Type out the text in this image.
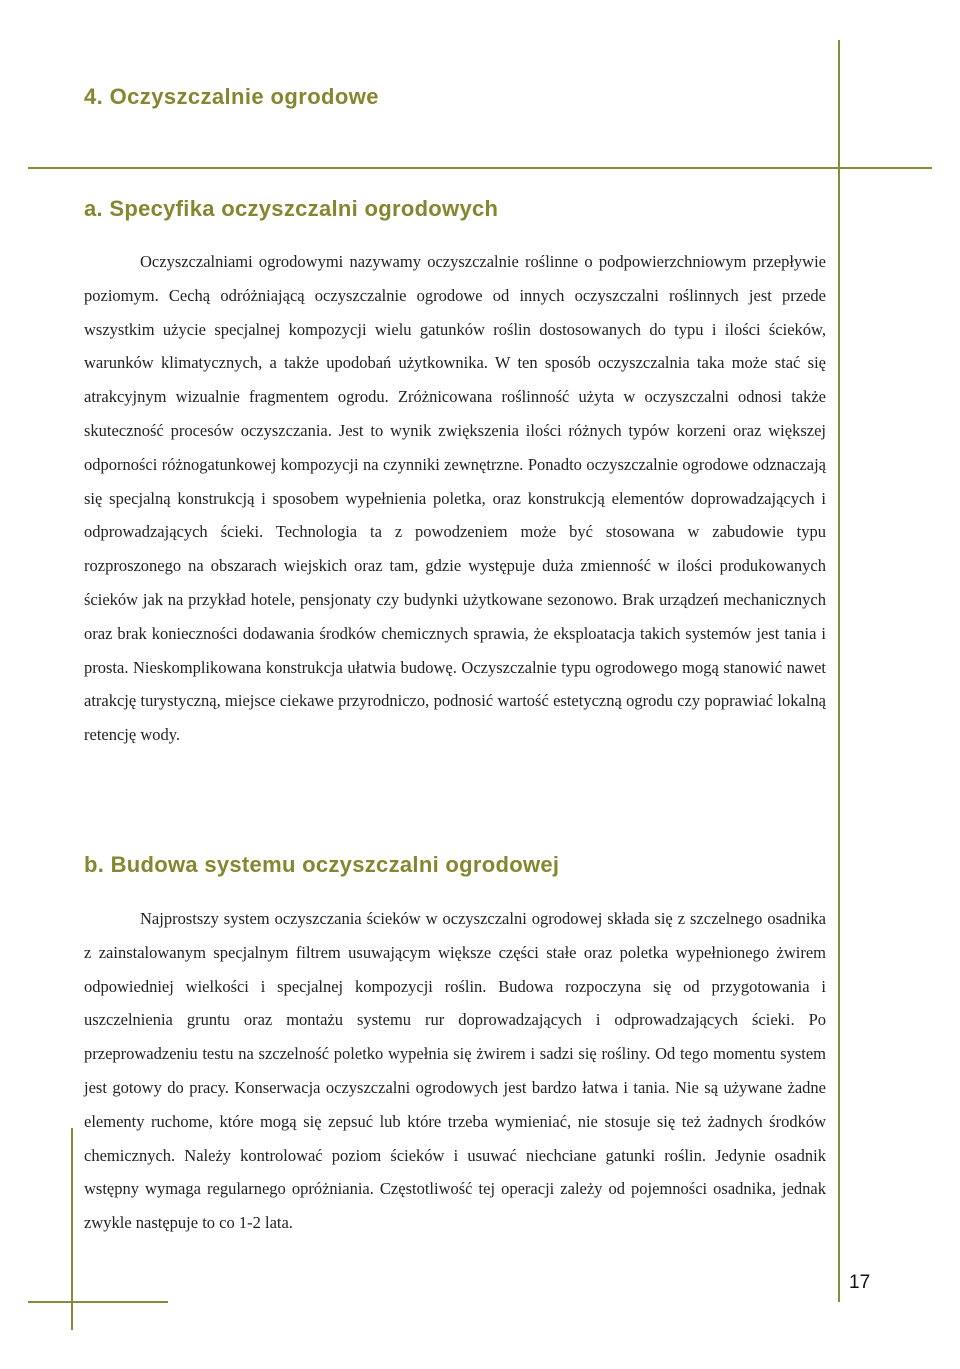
4. Oczyszczalnie ogrodowe
a. Specyfika oczyszczalni ogrodowych

Oczyszczalniami ogrodowymi nazywamy oczyszczalnie roślinne o podpowierzchniowym przepływie poziomym. Cechą odróżniającą oczyszczalnie ogrodowe od innych oczyszczalni roślinnych jest przede wszystkim użycie specjalnej kompozycji wielu gatunków roślin dostosowanych do typu i ilości ścieków, warunków klimatycznych, a także upodobań użytkownika. W ten sposób oczyszczalnia taka może stać się atrakcyjnym wizualnie fragmentem ogrodu. Zróżnicowana roślinność użyta w oczyszczalni odnosi także skuteczność procesów oczyszczania. Jest to wynik zwiększenia ilości różnych typów korzeni oraz większej odporności różnogatunkowej kompozycji na czynniki zewnętrzne. Ponadto oczyszczalnie ogrodowe odznaczają się specjalną konstrukcją i sposobem wypełnienia poletka, oraz konstrukcją elementów doprowadzających i odprowadzających ścieki. Technologia ta z powodzeniem może być stosowana w zabudowie typu rozproszonego na obszarach wiejskich oraz tam, gdzie występuje duża zmienność w ilości produkowanych ścieków jak na przykład hotele, pensjonaty czy budynki użytkowane sezonowo. Brak urządzeń mechanicznych oraz brak konieczności dodawania środków chemicznych sprawia, że eksploatacja takich systemów jest tania i prosta. Nieskomplikowana konstrukcja ułatwia budowę. Oczyszczalnie typu ogrodowego mogą stanowić nawet atrakcję turystyczną, miejsce ciekawe przyrodniczo, podnosić wartość estetyczną ogrodu czy poprawiać lokalną retencję wody.

b. Budowa systemu oczyszczalni ogrodowej

Najprostszy system oczyszczania ścieków w oczyszczalni ogrodowej składa się z szczelnego osadnika z zainstalowanym specjalnym filtrem usuwającym większe części stałe oraz poletka wypełnionego żwirem odpowiedniej wielkości i specjalnej kompozycji roślin. Budowa rozpoczyna się od przygotowania i uszczelnienia gruntu oraz montażu systemu rur doprowadzających i odprowadzających ścieki. Po przeprowadzeniu testu na szczelność poletko wypełnia się żwirem i sadzi się rośliny. Od tego momentu system jest gotowy do pracy. Konserwacja oczyszczalni ogrodowych jest bardzo łatwa i tania. Nie są używane żadne elementy ruchome, które mogą się zepsuć lub które trzeba wymieniać, nie stosuje się też żadnych środków chemicznych. Należy kontrolować poziom ścieków i usuwać niechciane gatunki roślin. Jedynie osadnik wstępny wymaga regularnego opróżniania. Częstotliwość tej operacji zależy od pojemności osadnika, jednak zwykle następuje to co 1-2 lata.

17
